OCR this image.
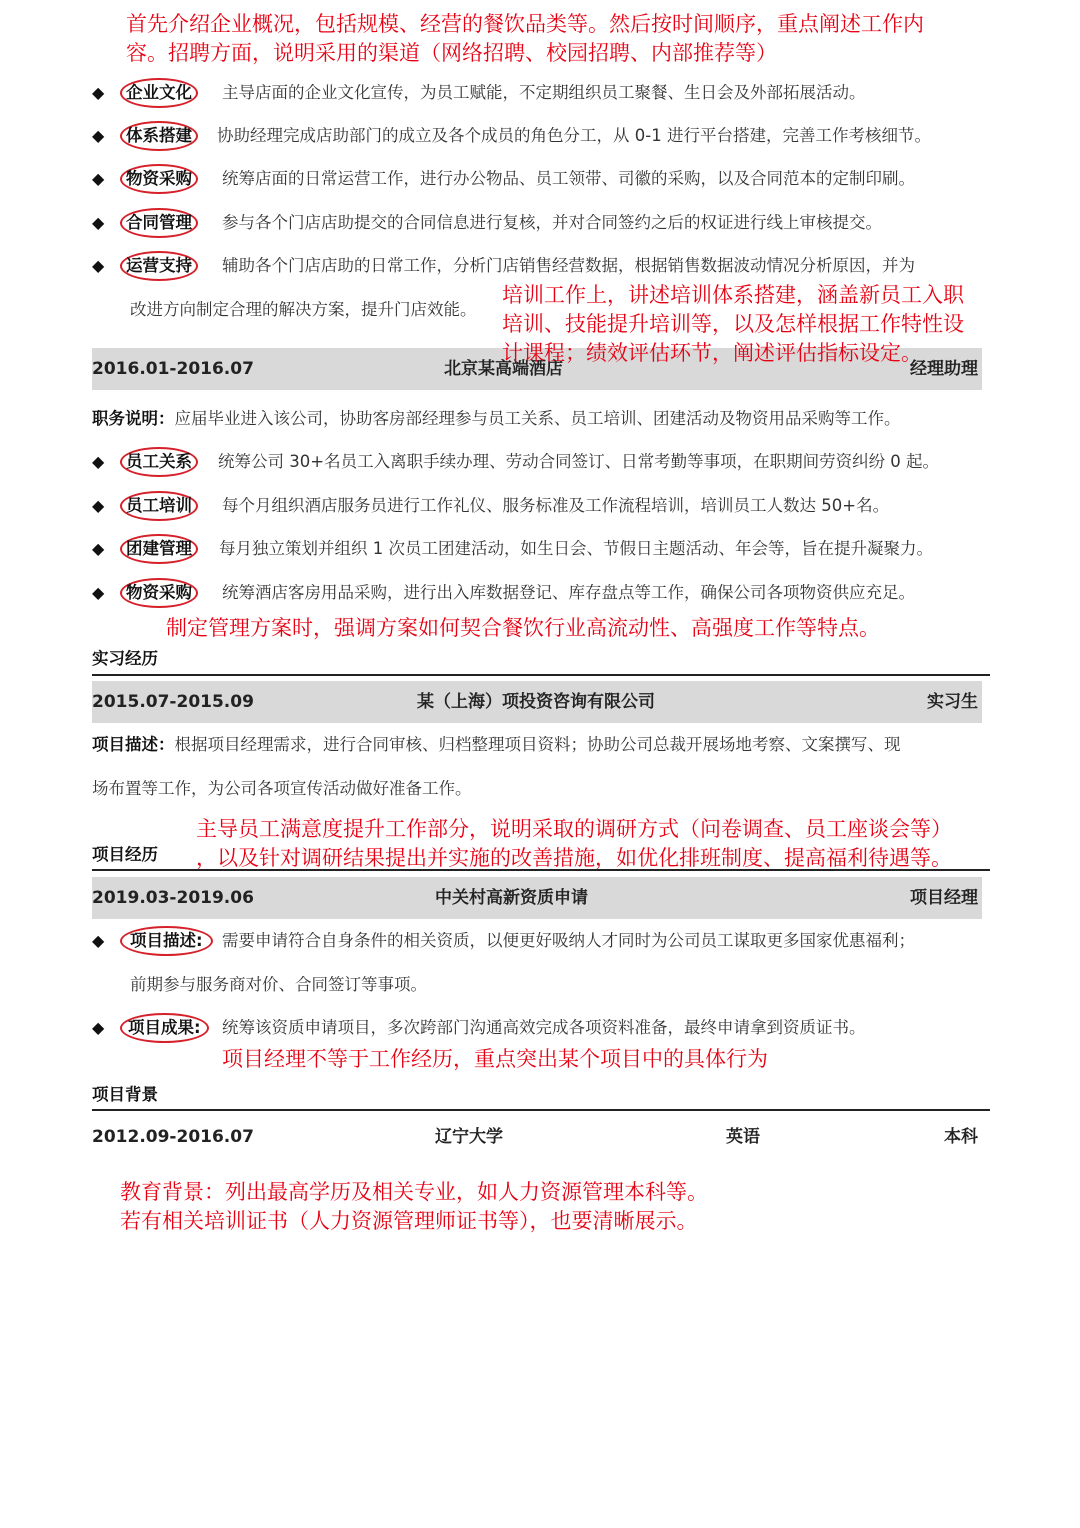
首先介绍企业概况，包括规模、经营的餐饮品类等。然后按时间顺序，重点阐述工作内
容。招聘方面，说明采用的渠道（网络招聘、校园招聘、内部推荐等）
◆	企业文化	主导店面的企业文化宣传，为员工赋能，不定期组织员工聚餐、生日会及外部拓展活动。
◆	体系搭建	协助经理完成店助部门的成立及各个成员的角色分工，从 0-1 进行平台搭建，完善工作考核细节。
◆	物资采购	统筹店面的日常运营工作，进行办公物品、员工领带、司徽的采购，以及合同范本的定制印刷。
◆	合同管理	参与各个门店店助提交的合同信息进行复核，并对合同签约之后的权证进行线上审核提交。
◆	运营支持	辅助各个门店店助的日常工作，分析门店销售经营数据，根据销售数据波动情况分析原因，并为
改进方向制定合理的解决方案，提升门店效能。
2016.01-2016.07	北京某高端酒店	经理助理
培训工作上，讲述培训体系搭建，涵盖新员工入职
培训、技能提升培训等，以及怎样根据工作特性设
计课程；绩效评估环节，阐述评估指标设定。
职务说明：应届毕业进入该公司，协助客房部经理参与员工关系、员工培训、团建活动及物资用品采购等工作。
◆	员工关系	统筹公司 30+名员工入离职手续办理、劳动合同签订、日常考勤等事项，在职期间劳资纠纷 0 起。
◆	员工培训	每个月组织酒店服务员进行工作礼仪、服务标准及工作流程培训，培训员工人数达 50+名。
◆	团建管理	每月独立策划并组织 1 次员工团建活动，如生日会、节假日主题活动、年会等，旨在提升凝聚力。
◆	物资采购	统筹酒店客房用品采购，进行出入库数据登记、库存盘点等工作，确保公司各项物资供应充足。
制定管理方案时，强调方案如何契合餐饮行业高流动性、高强度工作等特点。
实习经历
2015.07-2015.09	某（上海）项投资咨询有限公司	实习生
项目描述：根据项目经理需求，进行合同审核、归档整理项目资料；协助公司总裁开展场地考察、文案撰写、现
场布置等工作，为公司各项宣传活动做好准备工作。
主导员工满意度提升工作部分，说明采取的调研方式（问卷调查、员工座谈会等）
，以及针对调研结果提出并实施的改善措施，如优化排班制度、提高福利待遇等。
项目经历
2019.03-2019.06	中关村高新资质申请	项目经理
◆	项目描述:	需要申请符合自身条件的相关资质，以便更好吸纳人才同时为公司员工谋取更多国家优惠福利；
前期参与服务商对价、合同签订等事项。
◆	项目成果:	统筹该资质申请项目，多次跨部门沟通高效完成各项资料准备，最终申请拿到资质证书。
项目经理不等于工作经历，重点突出某个项目中的具体行为
项目背景
2012.09-2016.07	辽宁大学	英语	本科
教育背景：列出最高学历及相关专业，如人力资源管理本科等。
若有相关培训证书（人力资源管理师证书等），也要清晰展示。
